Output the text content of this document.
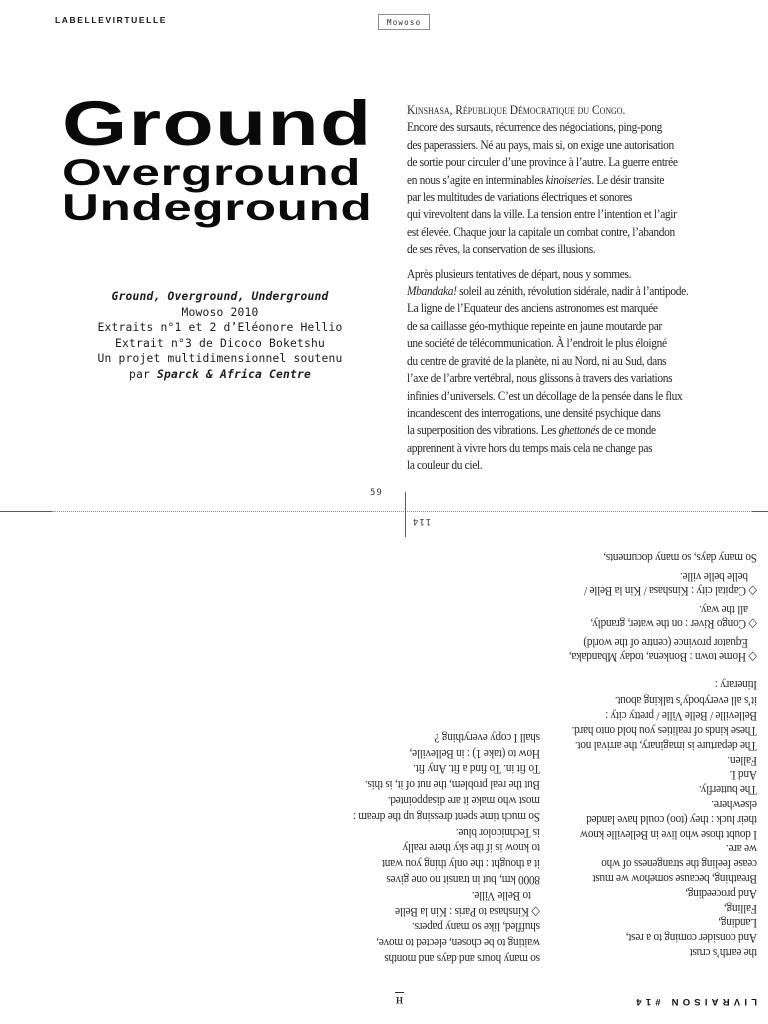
LABELLEVIRTUELLE	Mowoso
Ground
Overground
Undeground
Ground, Overground, Underground
Mowoso 2010
Extraits n°1 et 2 d’Eléonore Hellio
Extrait n°3 de Dicoco Boketshu
Un projet multidimensionnel soutenu
par Sparck & Africa Centre
Kinshasa, République Démocratique du Congo.
Encore des sursauts, récurrence des négociations, ping-pong
des paperassiers. Né au pays, mais si, on exige une autorisation
de sortie pour circuler d’une province à l’autre. La guerre entrée
en nous s’agite en interminables kinoiseries. Le désir transite
par les multitudes de variations électriques et sonores
qui virevoltent dans la ville. La tension entre l’intention et l’agir
est élevée. Chaque jour la capitale un combat contre, l’abandon
de ses rêves, la conservation de ses illusions.
Après plusieurs tentatives de départ, nous y sommes.
Mbandaka! soleil au zénith, révolution sidérale, nadir à l’antipode.
La ligne de l’Equateur des anciens astronomes est marquée
de sa caillasse géo-mythique repeinte en jaune moutarde par
une société de télécommunication. À l’endroit le plus éloigné
du centre de gravité de la planète, ni au Nord, ni au Sud, dans
l’axe de l’arbre vertébral, nous glissons à travers des variations
infinies d’universels. C’est un décollage de la pensée dans le flux
incandescent des interrogations, une densité psychique dans
la superposition des vibrations. Les ghettonés de ce monde
apprennent à vivre hors du temps mais cela ne change pas
la couleur du ciel.
59
114
LIVRAISON #14
H
the earth’s crust
And consider coming to a rest,
Landing,
Falling,
And proceeding,
Breathing, because somehow we must
cease feeling the strangeness of who
we are.
I doubt those who live in Belleville know
their luck : they (too) could have landed
elsewhere.
The butterfly.
And I.
Fallen.
The departure is imaginary, the arrival not.
These kinds of realities you hold onto hard.
Belleville / Belle Ville / pretty city :
it’s all everybody’s talking about.
Itinerary :
◇ Home town : Bonkena, today Mbandaka,
Equator province (centre of the world)
◇ Congo River : on the water, grandly,
all the way.
◇ Capital city : Kinshasa / Kin la Belle /
belle belle ville.
So many days, so many documents,
so many hours and days and months
waiting to be chosen, elected to move,
shuffled, like so many papers.
◇ Kinshasa to Paris : Kin la Belle
to Belle Ville.
8000 km, but in transit no one gives
it a thought : the only thing you want
to know is if the sky there really
is Technicolor blue.
So much time spent dressing up the dream :
most who make it are disappointed.
But the real problem, the nut of it, is this.
To fit in. To find a fit. Any fit.
How to (take 1) : in Belleville,
shall I copy everything ?
